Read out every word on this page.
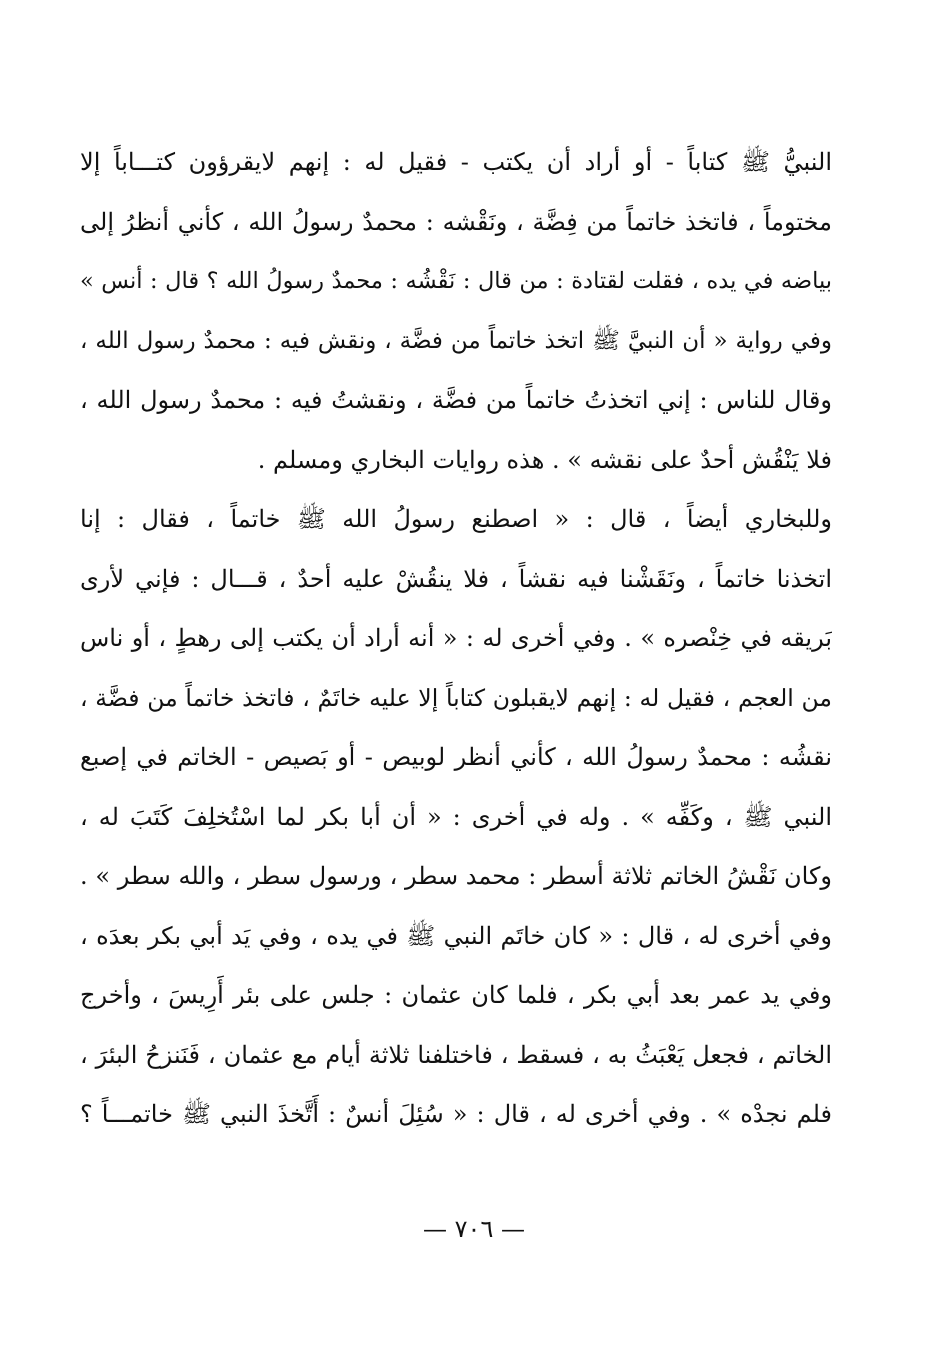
النبيُّ ﷺ كتاباً - أو أراد أن يكتب - فقيل له : إنهم لايقرؤون كتـــاباً إلا
مختوماً ، فاتخذ خاتماً من فِضَّة ، ونَقْشه : محمدٌ رسولُ الله ، كأني أنظرُ إلى
بياضه في يده ، فقلت لقتادة : من قال : نَقْشُه : محمدٌ رسولُ الله ؟ قال : أنس »
وفي رواية « أن النبيَّ ﷺ اتخذ خاتماً من فضَّة ، ونقش فيه : محمدٌ رسول الله ،
وقال للناس : إني اتخذتُ خاتماً من فضَّة ، ونقشتُ فيه : محمدٌ رسول الله ،
فلا يَنْقُش أحدٌ على نقشه » . هذه روايات البخاري ومسلم .
وللبخاري أيضاً ، قال : « اصطنع رسولُ الله ﷺ خاتماً ، فقال : إنا
اتخذنا خاتماً ، ونَقَشْنا فيه نقشاً ، فلا ينقُشْ عليه أحدٌ ، قـــال : فإني لأرى
بَريقه في خِنْصره » . وفي أخرى له : « أنه أراد أن يكتب إلى رهطٍ ، أو ناس
من العجم ، فقيل له : إنهم لايقبلون كتاباً إلا عليه خاتَمٌ ، فاتخذ خاتماً من فضَّة ،
نقشُه : محمدٌ رسولُ الله ، كأني أنظر لوبيص - أو بَصيص - الخاتم في إصبع
النبي ﷺ ، وكَفِّه » . وله في أخرى : « أن أبا بكر لما اسْتُخلِفَ كَتَبَ له ،
وكان نَقْشُ الخاتم ثلاثة أسطر : محمد سطر ، ورسول سطر ، والله سطر » .
وفي أخرى له ، قال : « كان خاتَم النبي ﷺ في يده ، وفي يَد أبي بكر بعدَه ،
وفي يد عمر بعد أبي بكر ، فلما كان عثمان : جلس على بئر أَرِيسَ ، وأخرج
الخاتم ، فجعل يَعْبَثُ به ، فسقط ، فاختلفنا ثلاثة أيام مع عثمان ، فَنَنزحُ البئرَ ،
فلم نجدْه » . وفي أخرى له ، قال : « سُئِلَ أنسٌ : أَتَّخذَ النبي ﷺ خاتمـــاً ؟
— ٧٠٦ —
